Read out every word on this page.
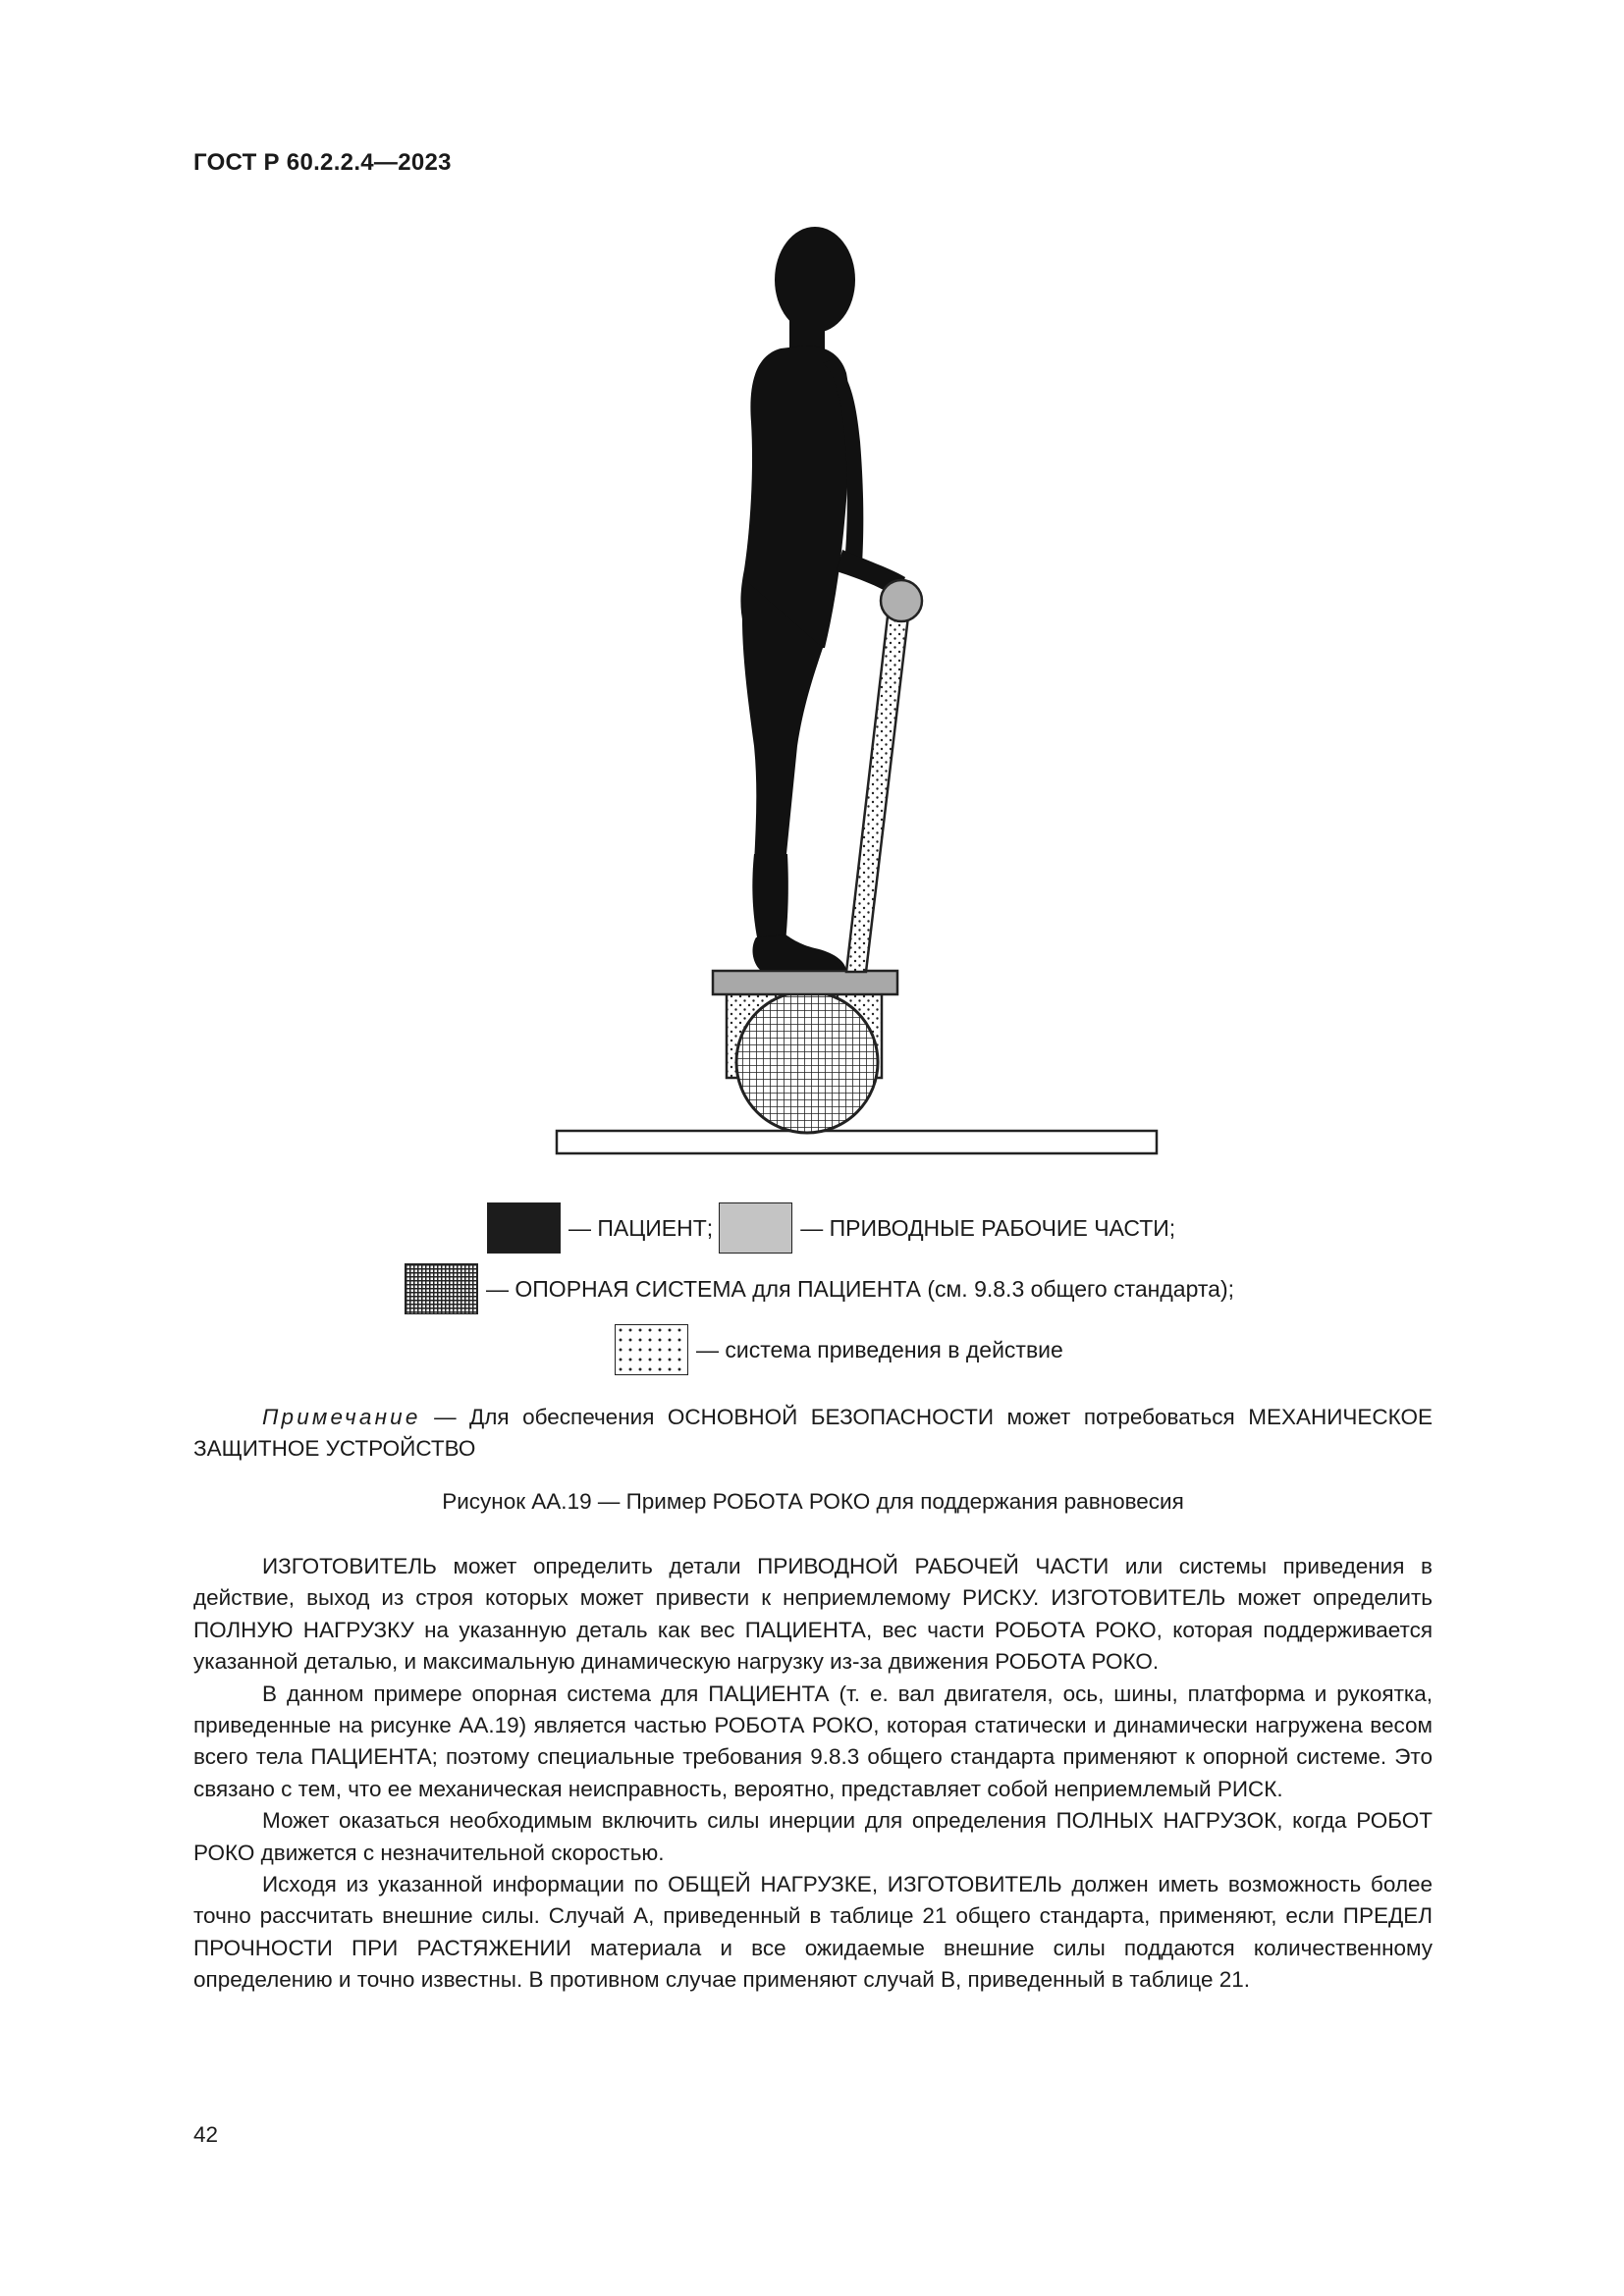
ГОСТ Р 60.2.2.4—2023
— ПАЦИЕНТ;	— ПРИВОДНЫЕ РАБОЧИЕ ЧАСТИ;
— ОПОРНАЯ СИСТЕМА для ПАЦИЕНТА (см. 9.8.3 общего стандарта);
— система приведения в действие
Примечание — Для обеспечения ОСНОВНОЙ БЕЗОПАСНОСТИ может потребоваться МЕХАНИЧЕСКОЕ ЗАЩИТНОЕ УСТРОЙСТВО
Рисунок АА.19 — Пример РОБОТА РОКО для поддержания равновесия

ИЗГОТОВИТЕЛЬ может определить детали ПРИВОДНОЙ РАБОЧЕЙ ЧАСТИ или системы приведения в действие, выход из строя которых может привести к неприемлемому РИСКУ. ИЗГОТОВИТЕЛЬ может определить ПОЛНУЮ НАГРУЗКУ на указанную деталь как вес ПАЦИЕНТА, вес части РОБОТА РОКО, которая поддерживается указанной деталью, и максимальную динамическую нагрузку из-за движения РОБОТА РОКО.

В данном примере опорная система для ПАЦИЕНТА (т. е. вал двигателя, ось, шины, платформа и рукоятка, приведенные на рисунке АА.19) является частью РОБОТА РОКО, которая статически и динамически нагружена весом всего тела ПАЦИЕНТА; поэтому специальные требования 9.8.3 общего стандарта применяют к опорной системе. Это связано с тем, что ее механическая неисправность, вероятно, представляет собой неприемлемый РИСК.

Может оказаться необходимым включить силы инерции для определения ПОЛНЫХ НАГРУЗОК, когда РОБОТ РОКО движется с незначительной скоростью.

Исходя из указанной информации по ОБЩЕЙ НАГРУЗКЕ, ИЗГОТОВИТЕЛЬ должен иметь возможность более точно рассчитать внешние силы. Случай А, приведенный в таблице 21 общего стандарта, применяют, если ПРЕДЕЛ ПРОЧНОСТИ ПРИ РАСТЯЖЕНИИ материала и все ожидаемые внешние силы поддаются количественному определению и точно известны. В противном случае применяют случай В, приведенный в таблице 21.

42
